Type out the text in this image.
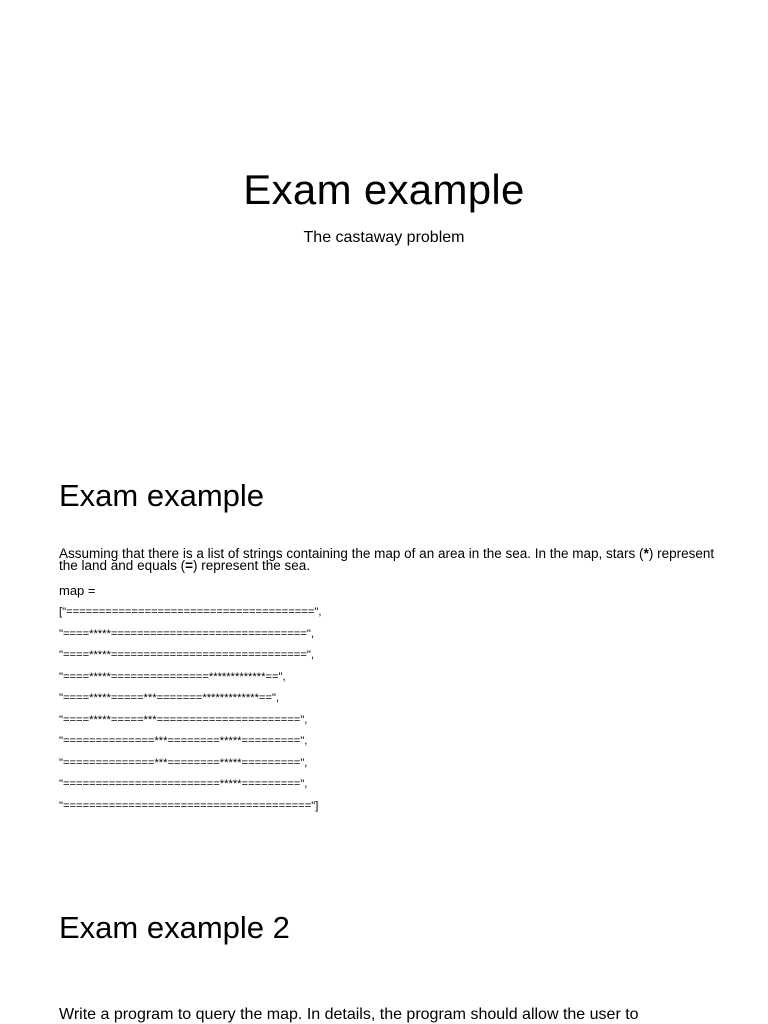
Exam example
The castaway problem
Exam example
Assuming that there is a list of strings containing the map of an area in the sea. In the map, stars (*) represent the land and equals (=) represent the sea.
map =
["======================================",
"====*****==============================",
"====*****==============================",
"====*****===============*************==",
"====*****=====***=======*************==",
"====*****=====***======================",
"==============***========*****=========",
"==============***========*****=========",
"========================*****=========",
"======================================"]
Exam example 2
Write a program to query the map. In details, the program should allow the user to
